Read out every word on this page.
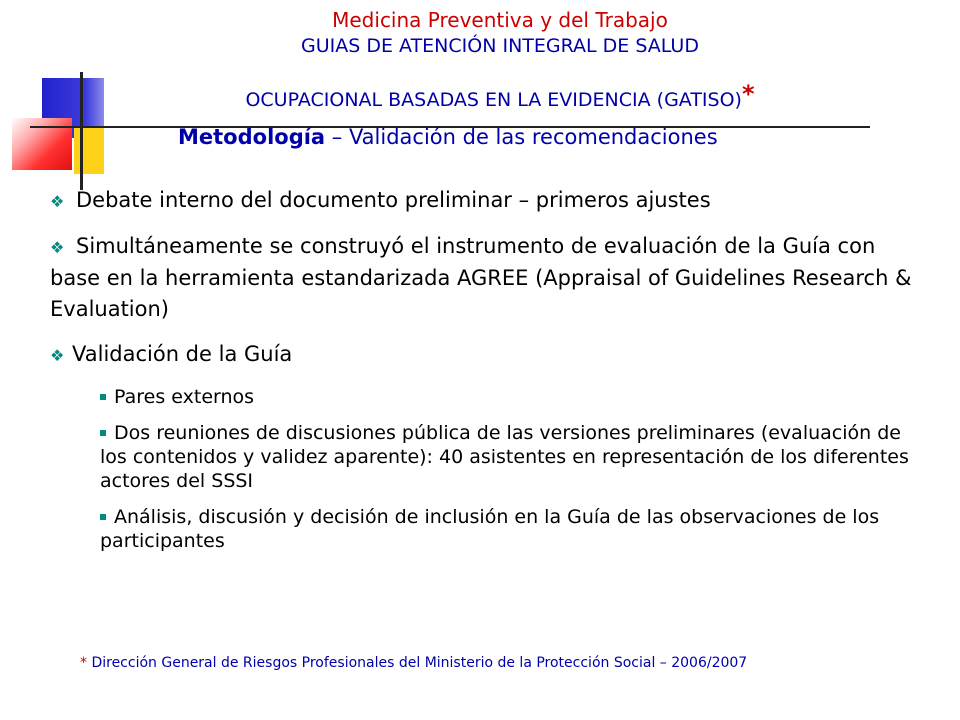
Medicina Preventiva y del Trabajo
GUIAS DE ATENCIÓN INTEGRAL DE SALUD
OCUPACIONAL BASADAS EN LA EVIDENCIA (GATISO)*
Metodología – Validación de las recomendaciones
❖ Debate interno del documento preliminar – primeros ajustes
❖ Simultáneamente se construyó el instrumento de evaluación de la Guía con base en la herramienta estandarizada AGREE (Appraisal of Guidelines Research & Evaluation)
❖ Validación de la Guía
Pares externos
Dos reuniones de discusiones pública de las versiones preliminares (evaluación de los contenidos y validez aparente): 40 asistentes en representación de los diferentes actores del SSSI
Análisis, discusión y decisión de inclusión en la Guía de las observaciones de los participantes
* Dirección General de Riesgos Profesionales del Ministerio de la Protección Social – 2006/2007
